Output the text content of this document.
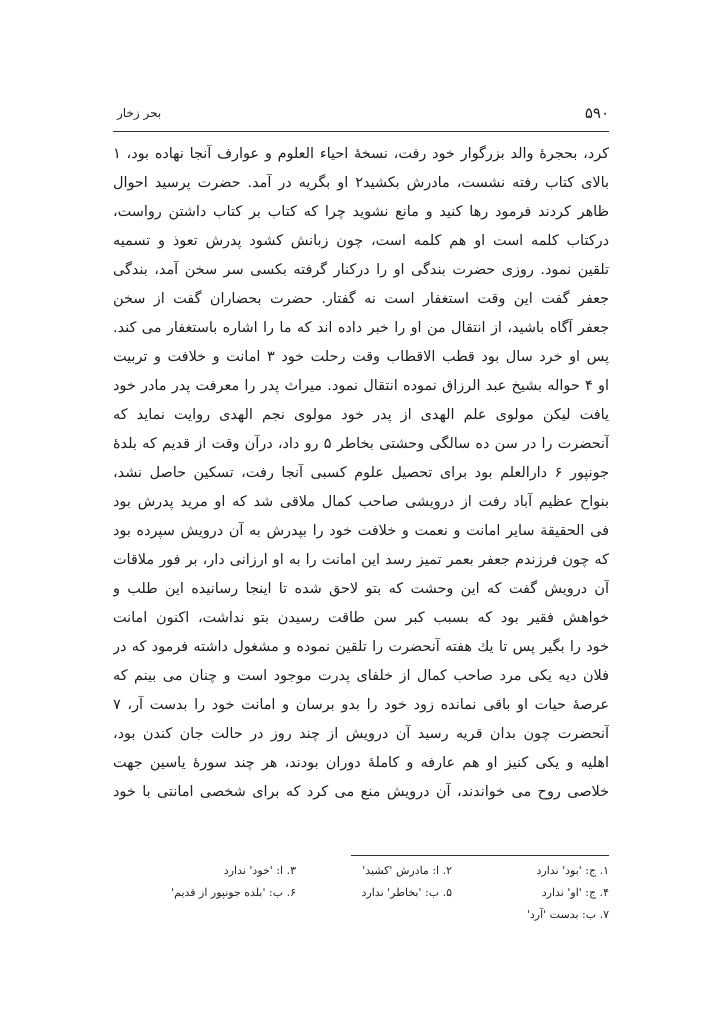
۵۹۰
بحر زخار
کرد، بحجرهٔ والد بزرگوار خود رفت، نسخهٔ احیاء العلوم و عوارف آنجا نهاده بود، ۱
بالای کتاب رفته نشست، مادرش بکشید۲ او بگریه در آمد. حضرت پرسید احوال
ظاهر کردند فرمود رها کنید و مانع نشوید چرا که کتاب بر کتاب داشتن رواست،
درکتاب کلمه است او هم کلمه است، چون زبانش کشود پدرش تعوذ و تسمیه
تلقین نمود. روزی حضرت بندگی او را درکنار گرفته بکسی سر سخن آمد، بندگی
جعفر گفت این وقت استغفار است نه گفتار. حضرت بحضاران گفت از سخن
جعفر آگاه باشید، از انتقال من او را خبر داده اند که ما را اشاره باستغفار می کند.
پس او خرد سال بود قطب الاقطاب وقت رحلت خود ۳ امانت و خلافت و تربیت
او ۴ حواله بشیخ عبد الرزاق نموده انتقال نمود. میراث پدر را معرفت پدر مادر خود
یافت لیکن مولوی علم الهدی از پدر خود مولوی نجم الهدی روایت نماید که
آنحضرت را در سن ده سالگی وحشتی بخاطر ۵ رو داد، درآن وقت از قدیم که بلدهٔ
جونپور ۶ دارالعلم بود برای تحصیل علوم کسبی آنجا رفت، تسکین حاصل نشد،
بنواح عظیم آباد رفت از درویشی صاحب کمال ملاقی شد که او مرید پدرش بود
فی الحقیقة سایر امانت و نعمت و خلافت خود را بپدرش به آن درویش سپرده بود
که چون فرزندم جعفر بعمر تمیز رسد این امانت را به او ارزانی دار، بر فور ملاقات
آن درویش گفت که این وحشت که بتو لاحق شده تا اینجا رسانیده این طلب و
خواهش فقیر بود که بسبب کبر سن طاقت رسیدن بتو نداشت، اکنون امانت
خود را بگیر پس تا یك هفته آنحضرت را تلقین نموده و مشغول داشته فرمود که در
فلان دیه یکی مرد صاحب کمال از خلفای پدرت موجود است و چنان می بینم که
عرصهٔ حیات او باقی نمانده زود خود را بدو برسان و امانت خود را بدست آر، ۷
آنحضرت چون بدان قریه رسید آن درویش از چند روز در حالت جان کندن بود،
اهلیه و یکی کنیز او هم عارفه و کاملهٔ دوران بودند، هر چند سورهٔ یاسین جهت
خلاصی روح می خواندند، آن درویش منع می کرد که برای شخصی امانتی با خود
۱. ج: 'بود' ندارد
۲. ا: مادرش 'کشید'
۳. ا: 'خود' ندارد
۴. ج: 'او' ندارد
۵. ب: 'بخاطر' ندارد
۶. ب: 'بلده جونپور از قدیم'
۷. ب: بدست 'آرد'
